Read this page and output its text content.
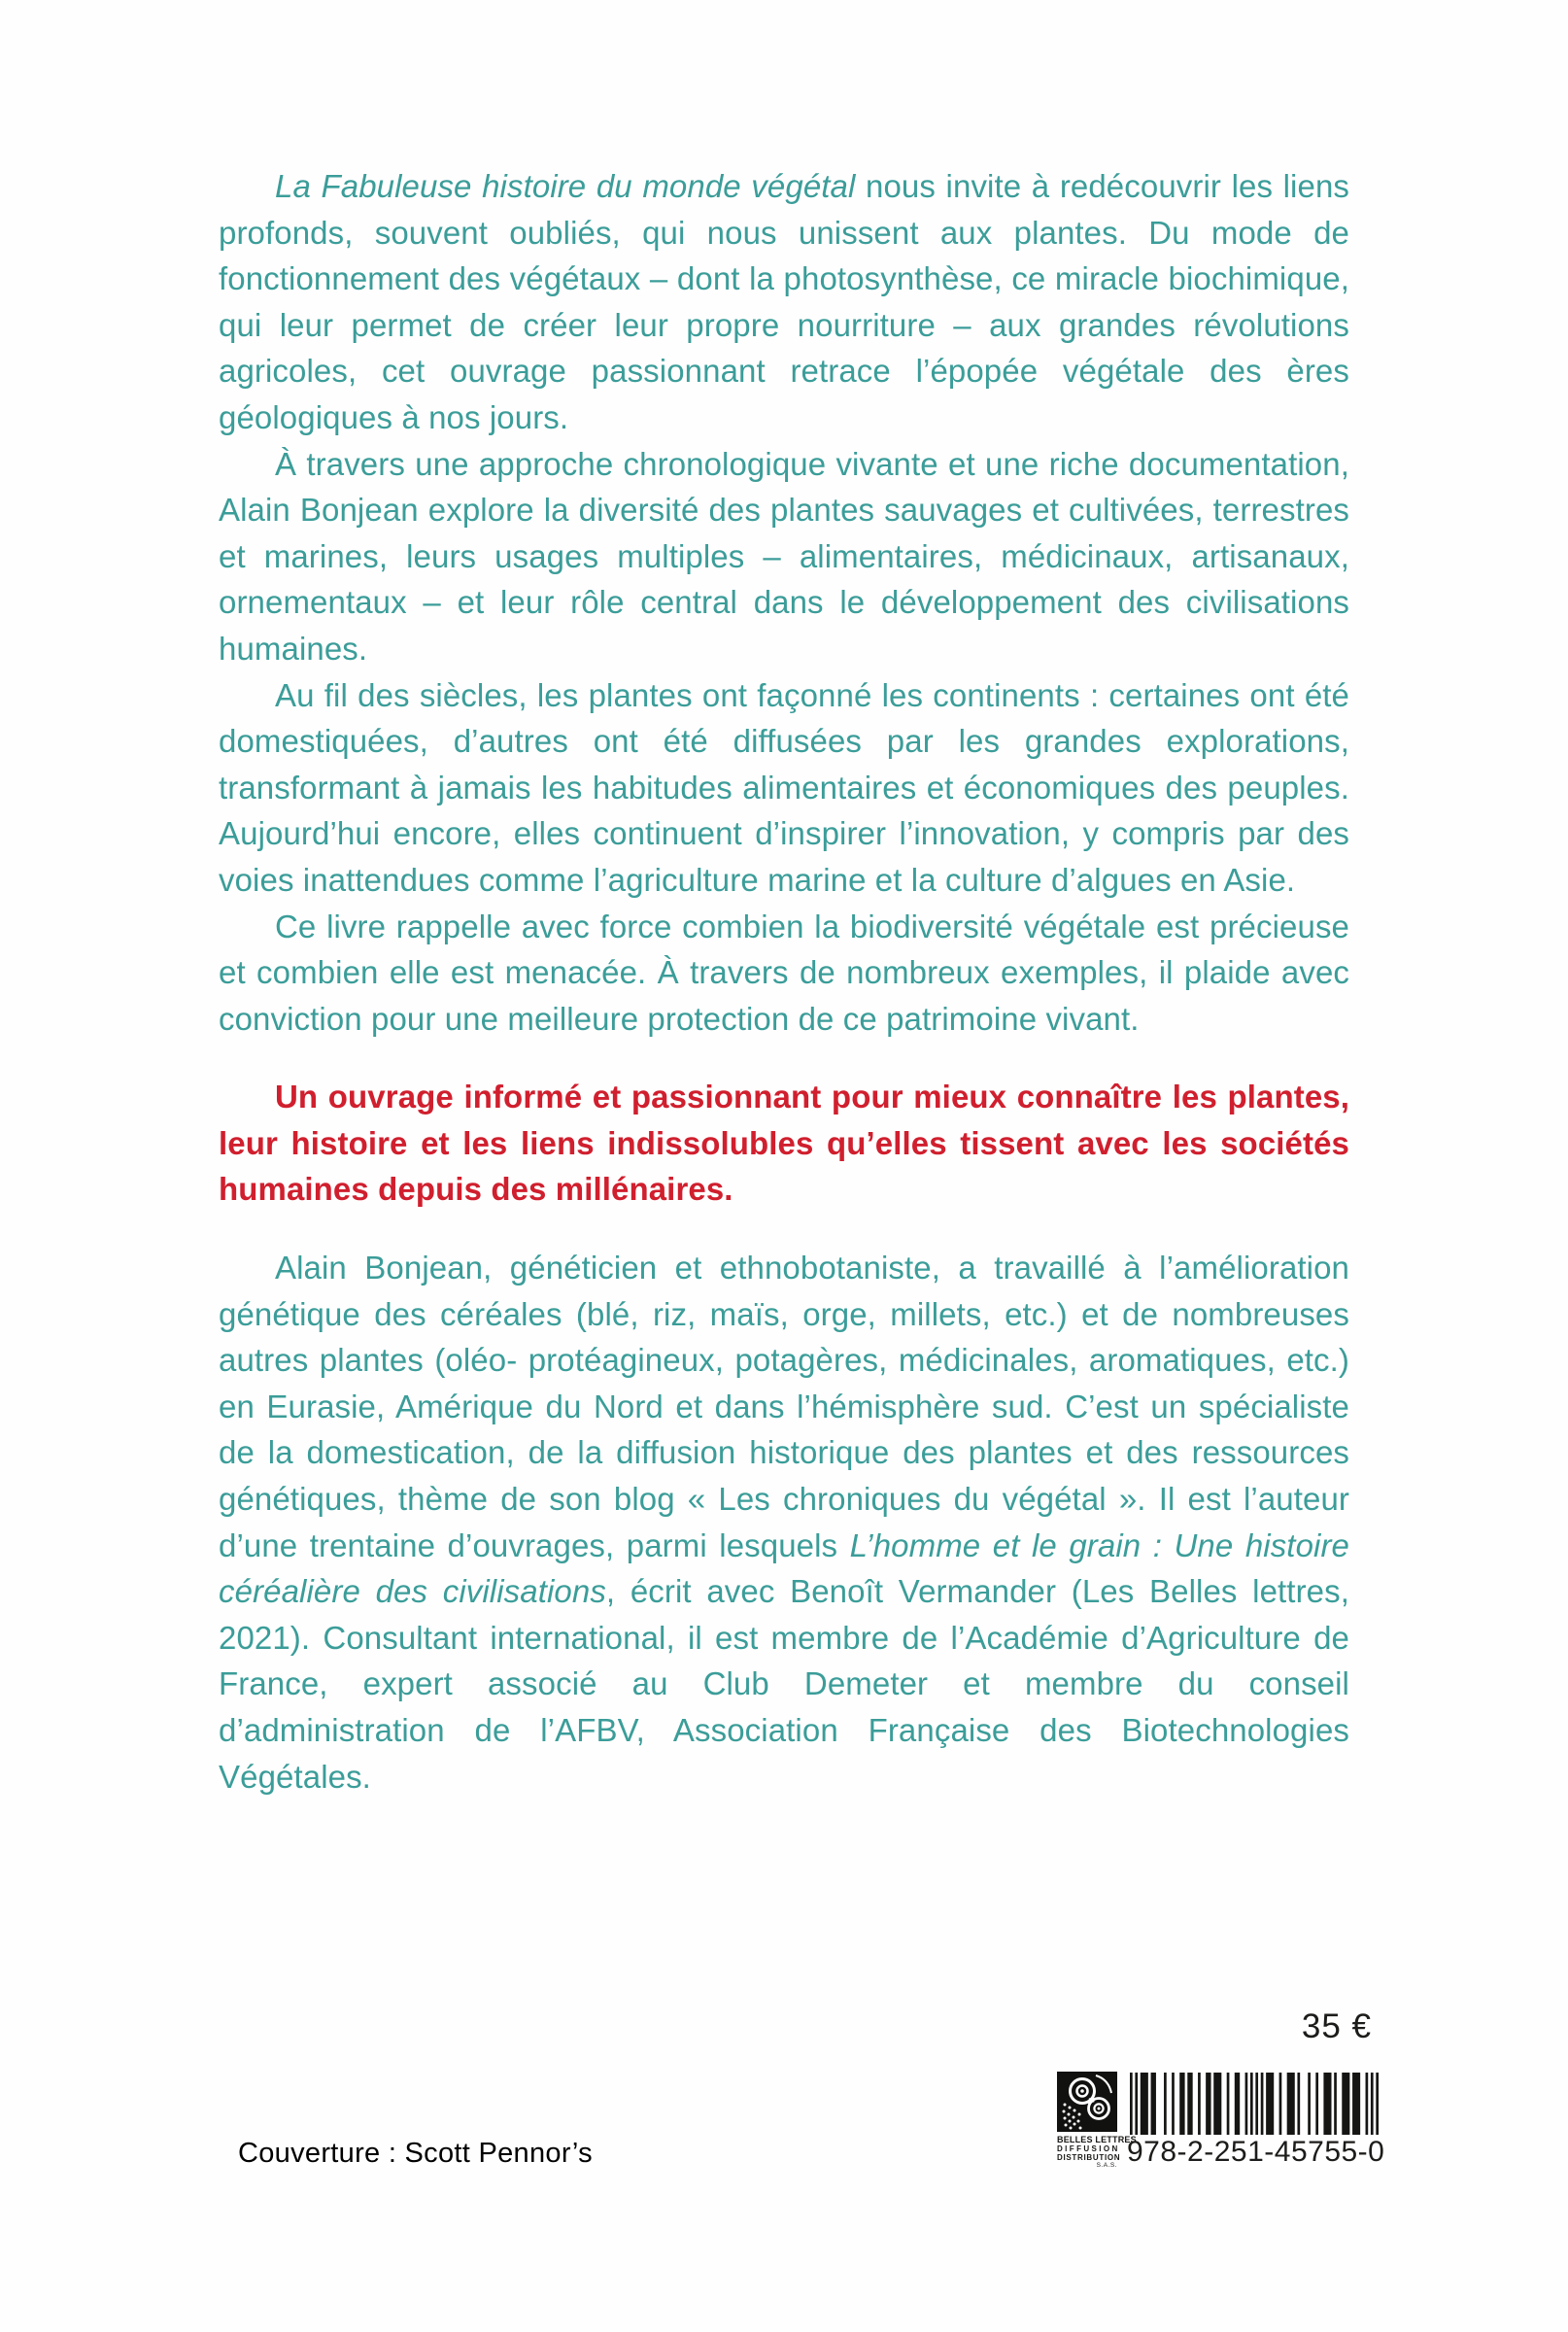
La Fabuleuse histoire du monde végétal nous invite à redécouvrir les liens profonds, souvent oubliés, qui nous unissent aux plantes. Du mode de fonctionnement des végétaux – dont la photosynthèse, ce miracle biochimique, qui leur permet de créer leur propre nourriture – aux grandes révolutions agricoles, cet ouvrage passionnant retrace l’épopée végétale des ères géologiques à nos jours.

À travers une approche chronologique vivante et une riche documentation, Alain Bonjean explore la diversité des plantes sauvages et cultivées, terrestres et marines, leurs usages multiples – alimentaires, médicinaux, artisanaux, ornementaux – et leur rôle central dans le développement des civilisations humaines.

Au fil des siècles, les plantes ont façonné les continents : certaines ont été domestiquées, d’autres ont été diffusées par les grandes explorations, transformant à jamais les habitudes alimentaires et économiques des peuples. Aujourd’hui encore, elles continuent d’inspirer l’innovation, y compris par des voies inattendues comme l’agriculture marine et la culture d’algues en Asie.

Ce livre rappelle avec force combien la biodiversité végétale est précieuse et combien elle est menacée. À travers de nombreux exemples, il plaide avec conviction pour une meilleure protection de ce patrimoine vivant.

Un ouvrage informé et passionnant pour mieux connaître les plantes, leur histoire et les liens indissolubles qu’elles tissent avec les sociétés humaines depuis des millénaires.

Alain Bonjean, généticien et ethnobotaniste, a travaillé à l’amélioration génétique des céréales (blé, riz, maïs, orge, millets, etc.) et de nombreuses autres plantes (oléo- protéagineux, potagères, médicinales, aromatiques, etc.) en Eurasie, Amérique du Nord et dans l’hémisphère sud. C’est un spécialiste de la domestication, de la diffusion historique des plantes et des ressources génétiques, thème de son blog « Les chroniques du végétal ». Il est l’auteur d’une trentaine d’ouvrages, parmi lesquels L’homme et le grain : Une histoire céréalière des civilisations, écrit avec Benoît Vermander (Les Belles lettres, 2021). Consultant international, il est membre de l’Académie d’Agriculture de France, expert associé au Club Demeter et membre du conseil d’administration de l’AFBV, Association Française des Biotechnologies Végétales.

35 €
BELLES LETTRES
DIFFUSION
DISTRIBUTION
S.A.S. 978-2-251-45755-0
Couverture : Scott Pennor’s
